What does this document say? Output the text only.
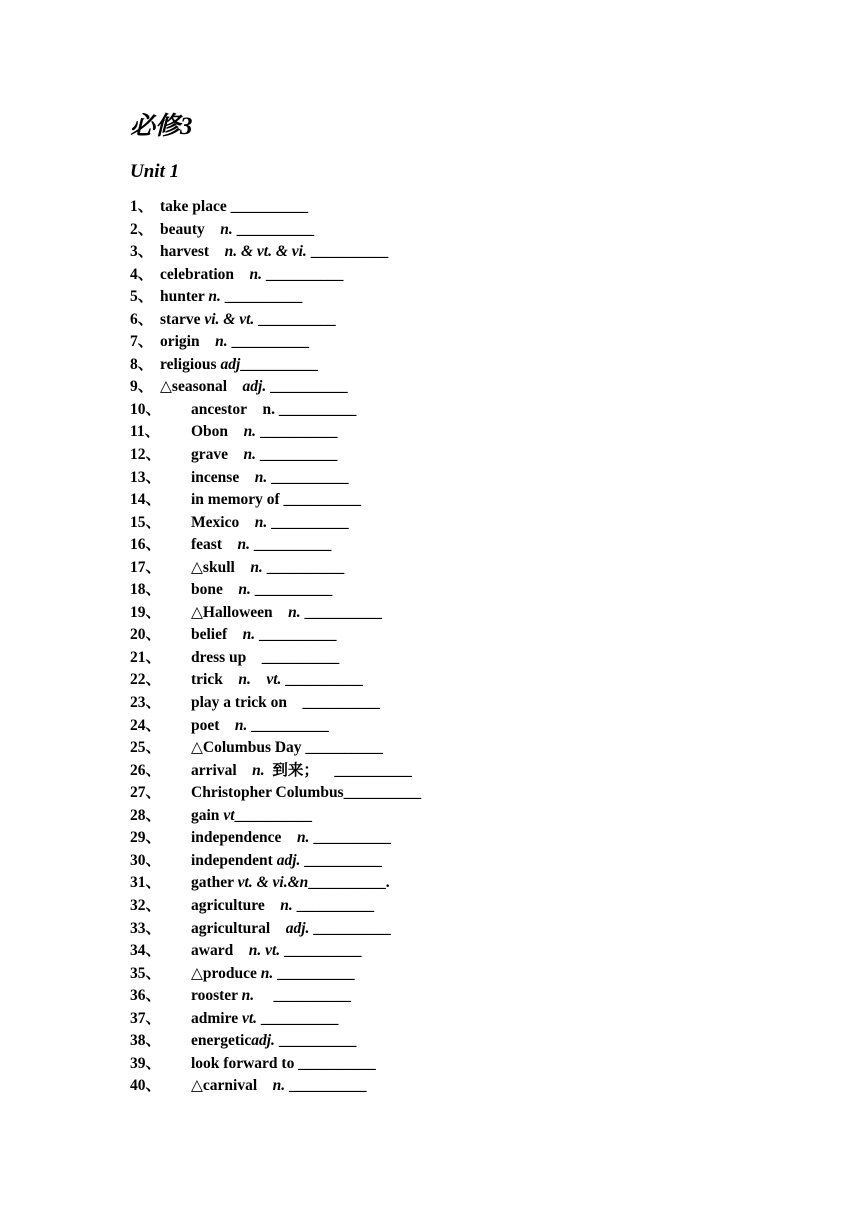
必修3
Unit 1
1、 take place __________
2、 beauty    n. __________
3、 harvest    n. & vt. & vi. __________
4、 celebration    n. __________
5、 hunter n. __________
6、 starve vi. & vt. __________
7、 origin    n. __________
8、 religious adj__________
9、 △seasonal    adj. __________
10、 ancestor    n. __________
11、 Obon    n. __________
12、 grave    n. __________
13、 incense    n. __________
14、 in memory of __________
15、 Mexico    n. __________
16、 feast    n. __________
17、 △skull    n. __________
18、 bone    n. __________
19、 △Halloween    n. __________
20、 belief    n. __________
21、 dress up    __________
22、 trick    n. vt. __________
23、 play a trick on    __________
24、 poet    n. __________
25、 △Columbus Day __________
26、 arrival    n.  到来；    __________
27、 Christopher Columbus__________
28、 gain vt__________
29、 independence    n. __________
30、 independent adj. __________
31、 gather vt. & vi.&n__________.
32、 agriculture    n. __________
33、 agricultural    adj. __________
34、 award    n. vt. __________
35、 △produce n. __________
36、 rooster n.     __________
37、 admire vt. __________
38、 energeticadj. __________
39、 look forward to __________
40、 △carnival    n. __________
